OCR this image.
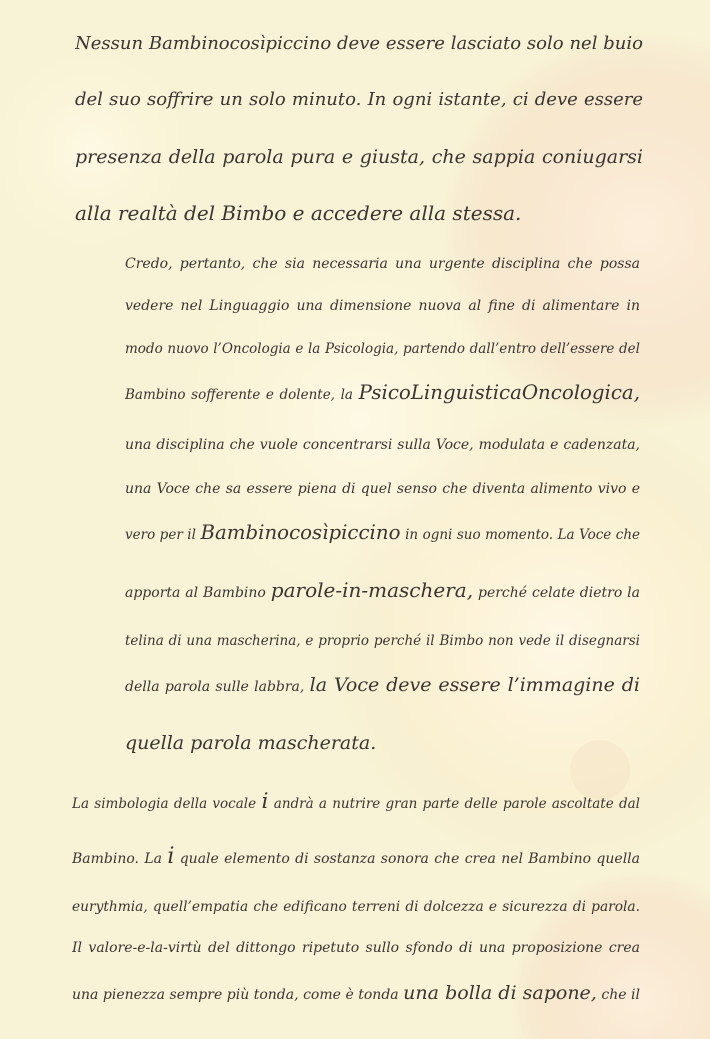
Nessun Bambinocosìpiccino deve essere lasciato solo nel buio
del suo soffrire un solo minuto. In ogni istante, ci deve essere
presenza della parola pura e giusta, che sappia coniugarsi
alla realtà del Bimbo e accedere alla stessa.
Credo, pertanto, che sia necessaria una urgente disciplina che possa
vedere nel Linguaggio una dimensione nuova al fine di alimentare in
modo nuovo l’Oncologia e la Psicologia, partendo dall’entro dell’essere del
Bambino sofferente e dolente, la PsicoLinguisticaOncologica,
una disciplina che vuole concentrarsi sulla Voce, modulata e cadenzata,
una Voce che sa essere piena di quel senso che diventa alimento vivo e
vero per il Bambinocosìpiccino in ogni suo momento. La Voce che
apporta al Bambino parole-in-maschera, perché celate dietro la
telina di una mascherina, e proprio perché il Bimbo non vede il disegnarsi
della parola sulle labbra, la Voce deve essere l’immagine di
quella parola mascherata.
La simbologia della vocale i andrà a nutrire gran parte delle parole ascoltate dal
Bambino. La i quale elemento di sostanza sonora che crea nel Bambino quella
eurythmia, quell’empatia che edificano terreni di dolcezza e sicurezza di parola.
Il valore-e-la-virtù del dittongo ripetuto sullo sfondo di una proposizione crea
una pienezza sempre più tonda, come è tonda una bolla di sapone, che il
